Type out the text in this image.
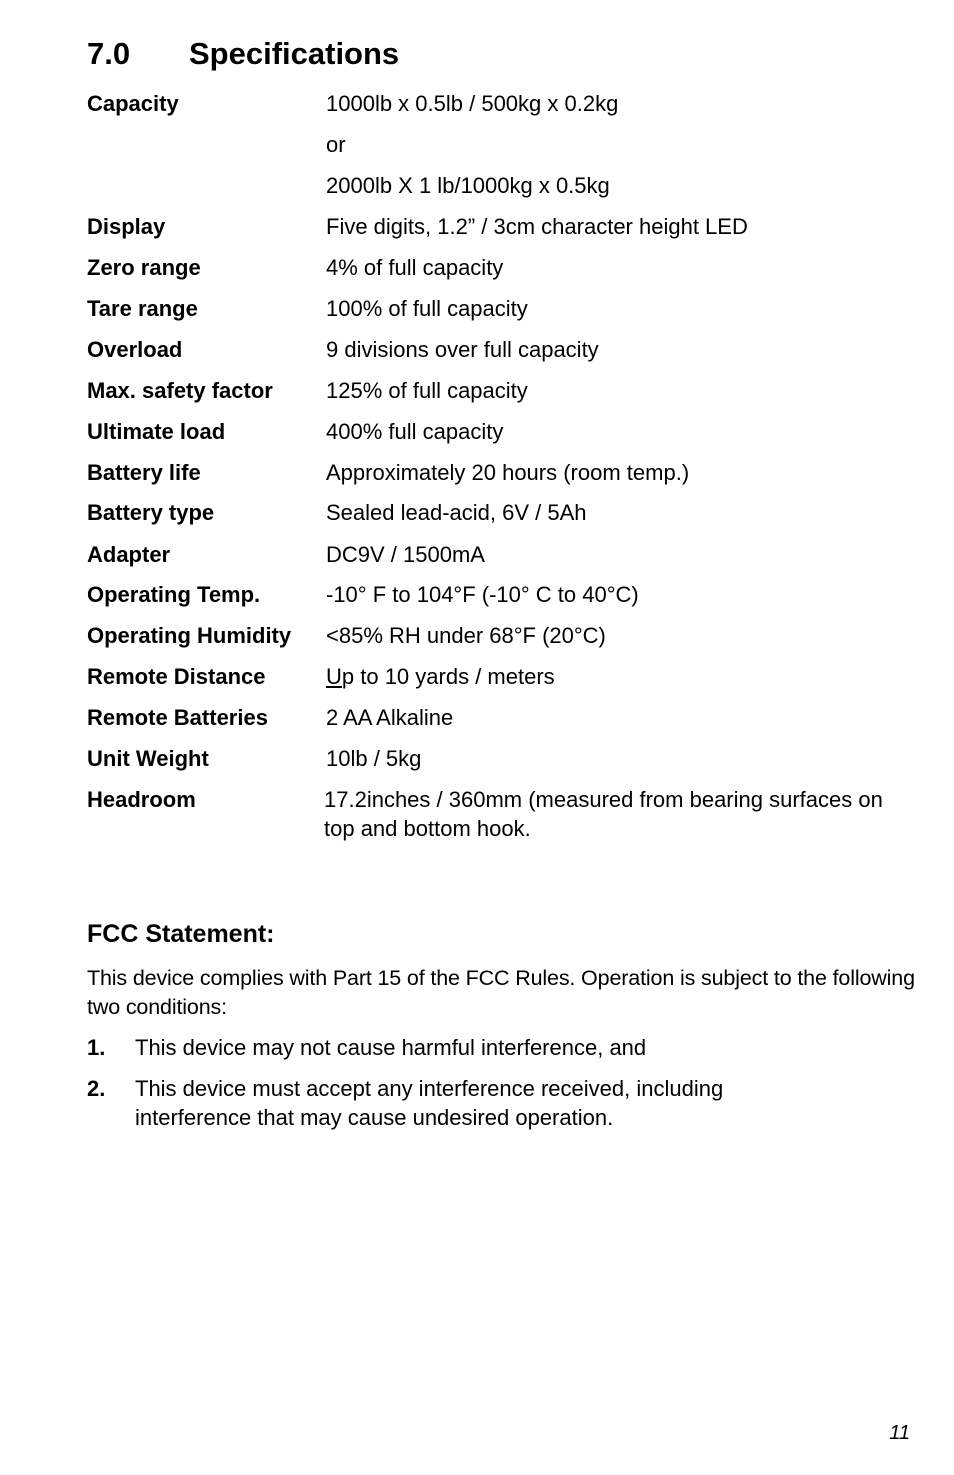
7.0 Specifications
Capacity	1000lb x 0.5lb / 500kg x 0.2kg
or
2000lb X 1 lb/1000kg x 0.5kg
Display	Five digits, 1.2” / 3cm character height LED
Zero range	4% of full capacity
Tare range	100% of full capacity
Overload	9 divisions over full capacity
Max. safety factor 125% of full capacity
Ultimate load	400% full capacity
Battery life	Approximately 20 hours (room temp.)
Battery type	Sealed lead-acid, 6V / 5Ah
Adapter	DC9V / 1500mA
Operating Temp.	-10° F to 104°F (-10° C to 40°C)
Operating Humidity <85% RH under 68°F (20°C)
Remote Distance	Up to 10 yards / meters
Remote Batteries	2 AA Alkaline
Unit Weight	10lb / 5kg
Headroom	17.2inches / 360mm (measured from bearing surfaces on top and bottom hook.
FCC Statement:

This device complies with Part 15 of the FCC Rules. Operation is subject to the following two conditions:

1. This device may not cause harmful interference, and
2. This device must accept any interference received, including interference that may cause undesired operation.
11
